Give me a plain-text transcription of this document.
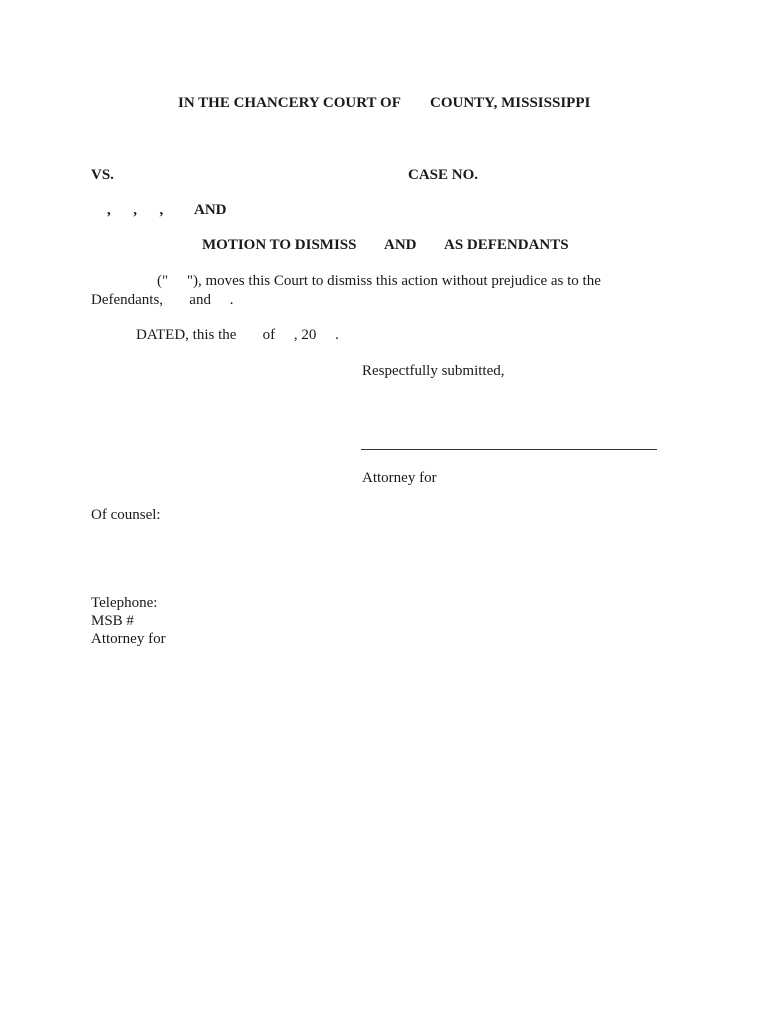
IN THE CHANCERY COURT OF COUNTY, MISSISSIPPI
VS.	CASE NO.
,      ,      , AND
MOTION TO DISMISS AND AS DEFENDANTS
("     "), moves this Court to dismiss this action without prejudice as to the
Defendants,       and     .
DATED, this the       of     , 20     .
Respectfully submitted,
Attorney for
Of counsel:
Telephone:
MSB #
Attorney for
